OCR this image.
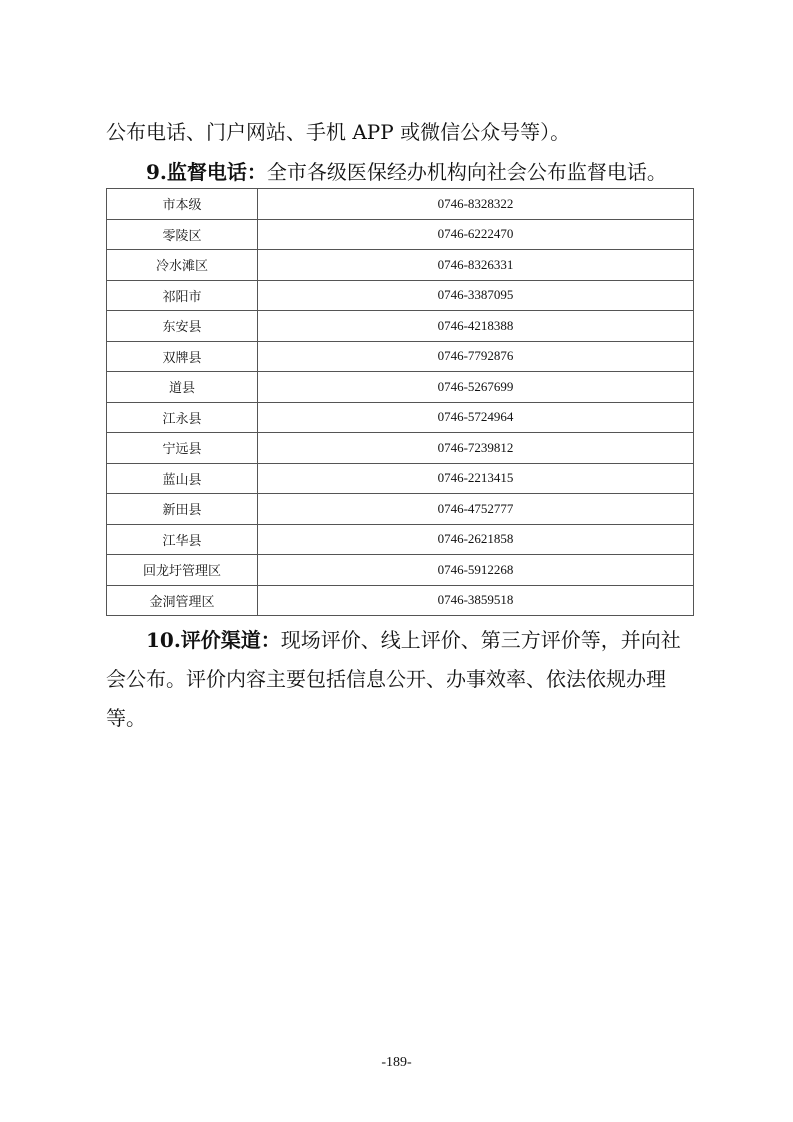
公布电话、门户网站、手机 APP 或微信公众号等）。

9.监督电话：全市各级医保经办机构向社会公布监督电话。

市本级	0746-8328322
零陵区	0746-6222470
冷水滩区	0746-8326331
祁阳市	0746-3387095
东安县	0746-4218388
双牌县	0746-7792876
道县	0746-5267699
江永县	0746-5724964
宁远县	0746-7239812
蓝山县	0746-2213415
新田县	0746-4752777
江华县	0746-2621858
回龙圩管理区	0746-5912268
金洞管理区	0746-3859518

10.评价渠道：现场评价、线上评价、第三方评价等，并向社会公布。评价内容主要包括信息公开、办事效率、依法依规办理等。

-189-
